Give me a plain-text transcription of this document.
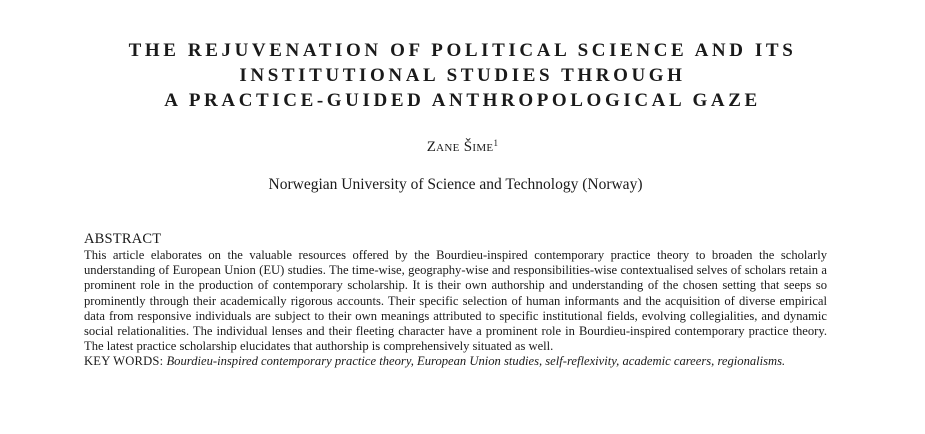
THE REJUVENATION OF POLITICAL SCIENCE AND ITS
INSTITUTIONAL STUDIES THROUGH
A PRACTICE-GUIDED ANTHROPOLOGICAL GAZE
Zane Šime$^1$
Norwegian University of Science and Technology (Norway)
ABSTRACT

This article elaborates on the valuable resources offered by the Bourdieu-inspired contemporary practice theory to broaden the scholarly understanding of European Union (EU) studies. The time-wise, geography-wise and responsibilities-wise contextualised selves of scholars retain a prominent role in the production of contemporary scholarship. It is their own authorship and understanding of the chosen setting that seeps so prominently through their academically rigorous accounts. Their specific selection of human informants and the acquisition of diverse empirical data from responsive individuals are subject to their own meanings attributed to specific institutional fields, evolving collegialities, and dynamic social relationalities. The individual lenses and their fleeting character have a prominent role in Bourdieu-inspired contemporary practice theory. The latest practice scholarship elucidates that authorship is comprehensively situated as well.

KEY WORDS: Bourdieu-inspired contemporary practice theory, European Union studies, self-reflexivity, academic careers, regionalisms.
